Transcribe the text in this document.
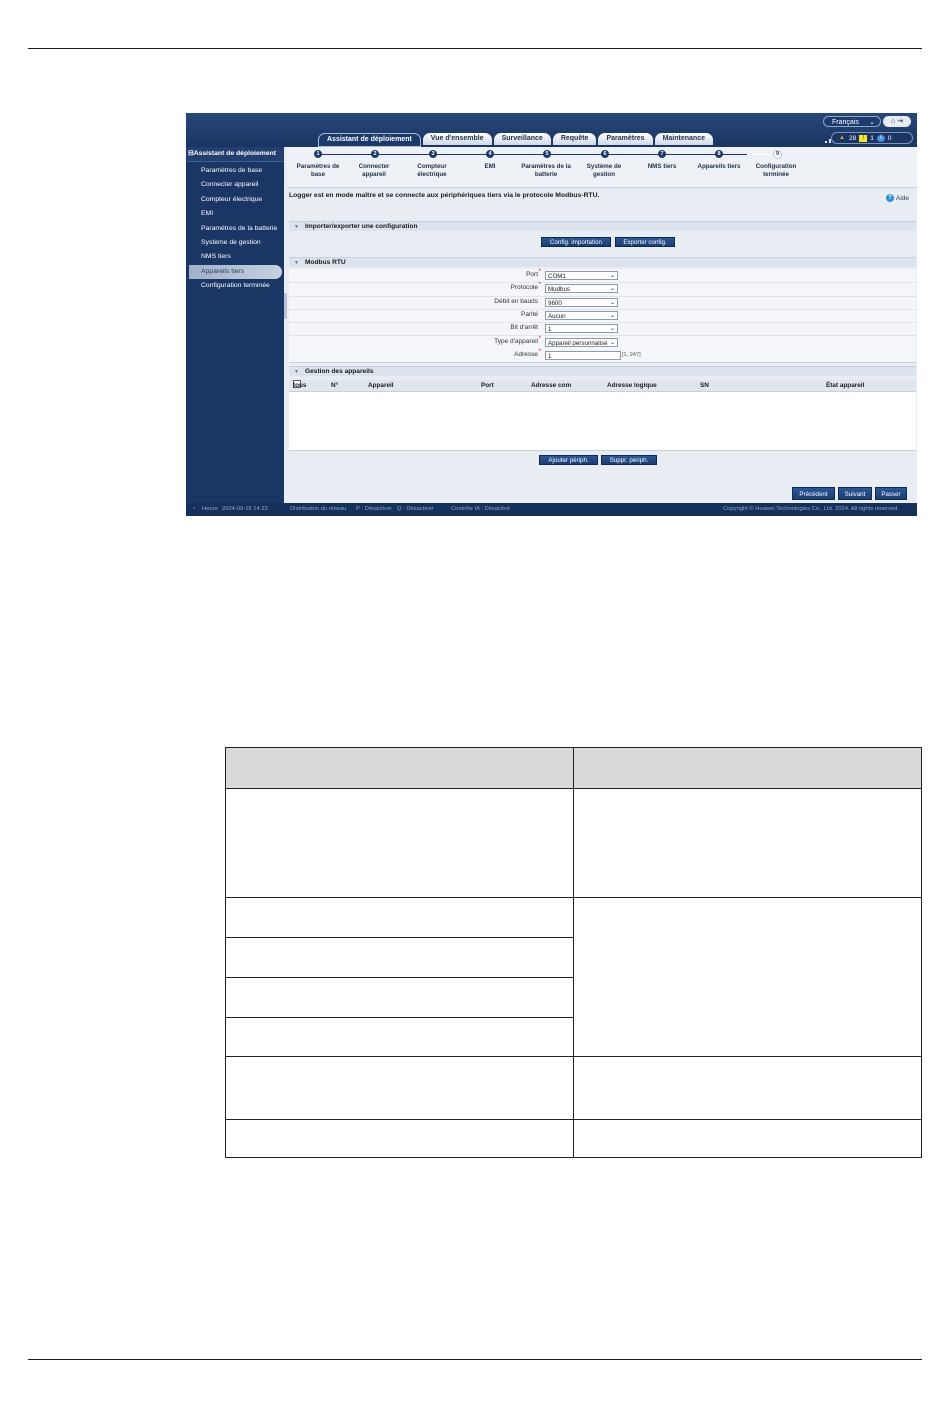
Français ⌄	⌂ ⇥
Assistant de déploiement	Vue d'ensemble	Surveillance	Requête	Paramètres	Maintenance	▲ 28	! 1	i 0
⊟Assistant de déploiement
Paramètres de base
Connecter appareil
Compteur électrique
EMI
Paramètres de la batterie
Système de gestion
NMS tiers
Appareils tiers
Configuration terminée
1	2	3	4	5	6	7	8	9
Paramètres de base
Connecter appareil
Compteur électrique
EMI	Paramètres de la batterie
Système de gestion
NMS tiers	Appareils tiers	Configuration terminée
Logger est en mode maître et se connecte aux périphériques tiers via le protocole Modbus-RTU.	? Aide
▼ Importer/exporter une configuration
Config. importation	Exporter config.
▼ Modbus RTU
Port *
COM1	⌄
Protocole *
Modbus	⌄
Débit en bauds	9600	⌄
Parité	Aucun	⌄
Bit d'arrêt	1	⌄
Type d'appareil *
Appareil personnalisé ⌄
Adresse *
1	[1, 247]
▼ Gestion des appareils
tous	N°	Appareil	Port	Adresse com	Adresse logique	SN	État appareil
Ajouter périph.	Suppr. périph.
Précédent	Suivant	Passer
◔ Heure 2024-09-18 14:23	Distribution du réseau P : Désactiver Q : Désactiver	Contrôle IA : Désactivé	Copyright © Huawei Technologies Co., Ltd. 2024. All rights reserved.
